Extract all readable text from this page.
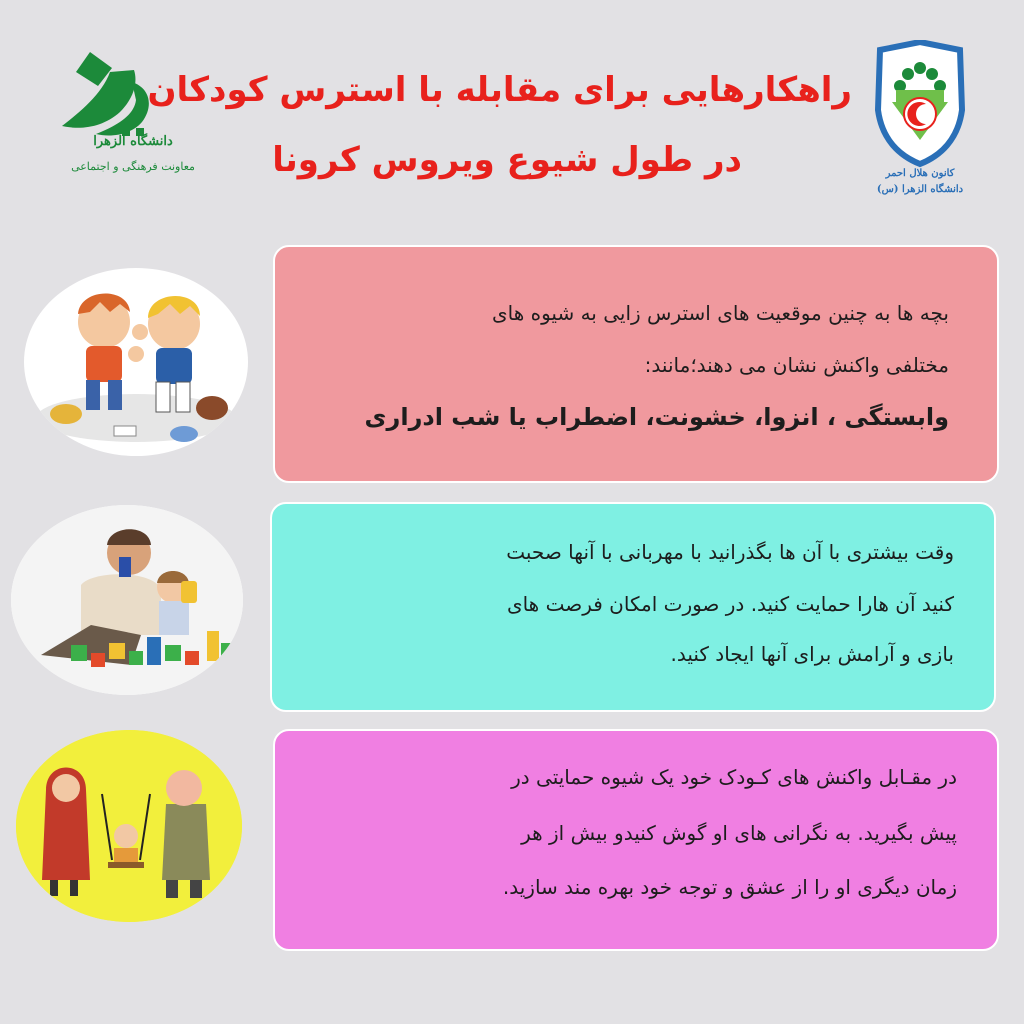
راهکارهایی برای مقابله با استرس کودکان
در طول شیوع ویروس کرونا
دانشگاه الزهرا
معاونت فرهنگی و اجتماعی
کانون هلال احمر
دانشگاه الزهرا (س)
بچه ها به چنین موقعیت های استرس زایی به شیوه های
مختلفی واکنش نشان می دهند؛مانند:
وابستگی ، انزوا، خشونت، اضطراب یا شب ادراری
وقت بیشتری با آن ها بگذرانید با مهربانی با آنها صحبت
کنید آن هارا حمایت کنید. در صورت امکان فرصت های
بازی و آرامش برای آنها ایجاد کنید.
در مقـابل واکنش های کـودک خود یک شیوه حمایتی در
پیش بگیرید. به نگرانی های او گوش کنیدو بیش از هر
زمان دیگری او را از عشق و توجه خود بهره مند سازید.
